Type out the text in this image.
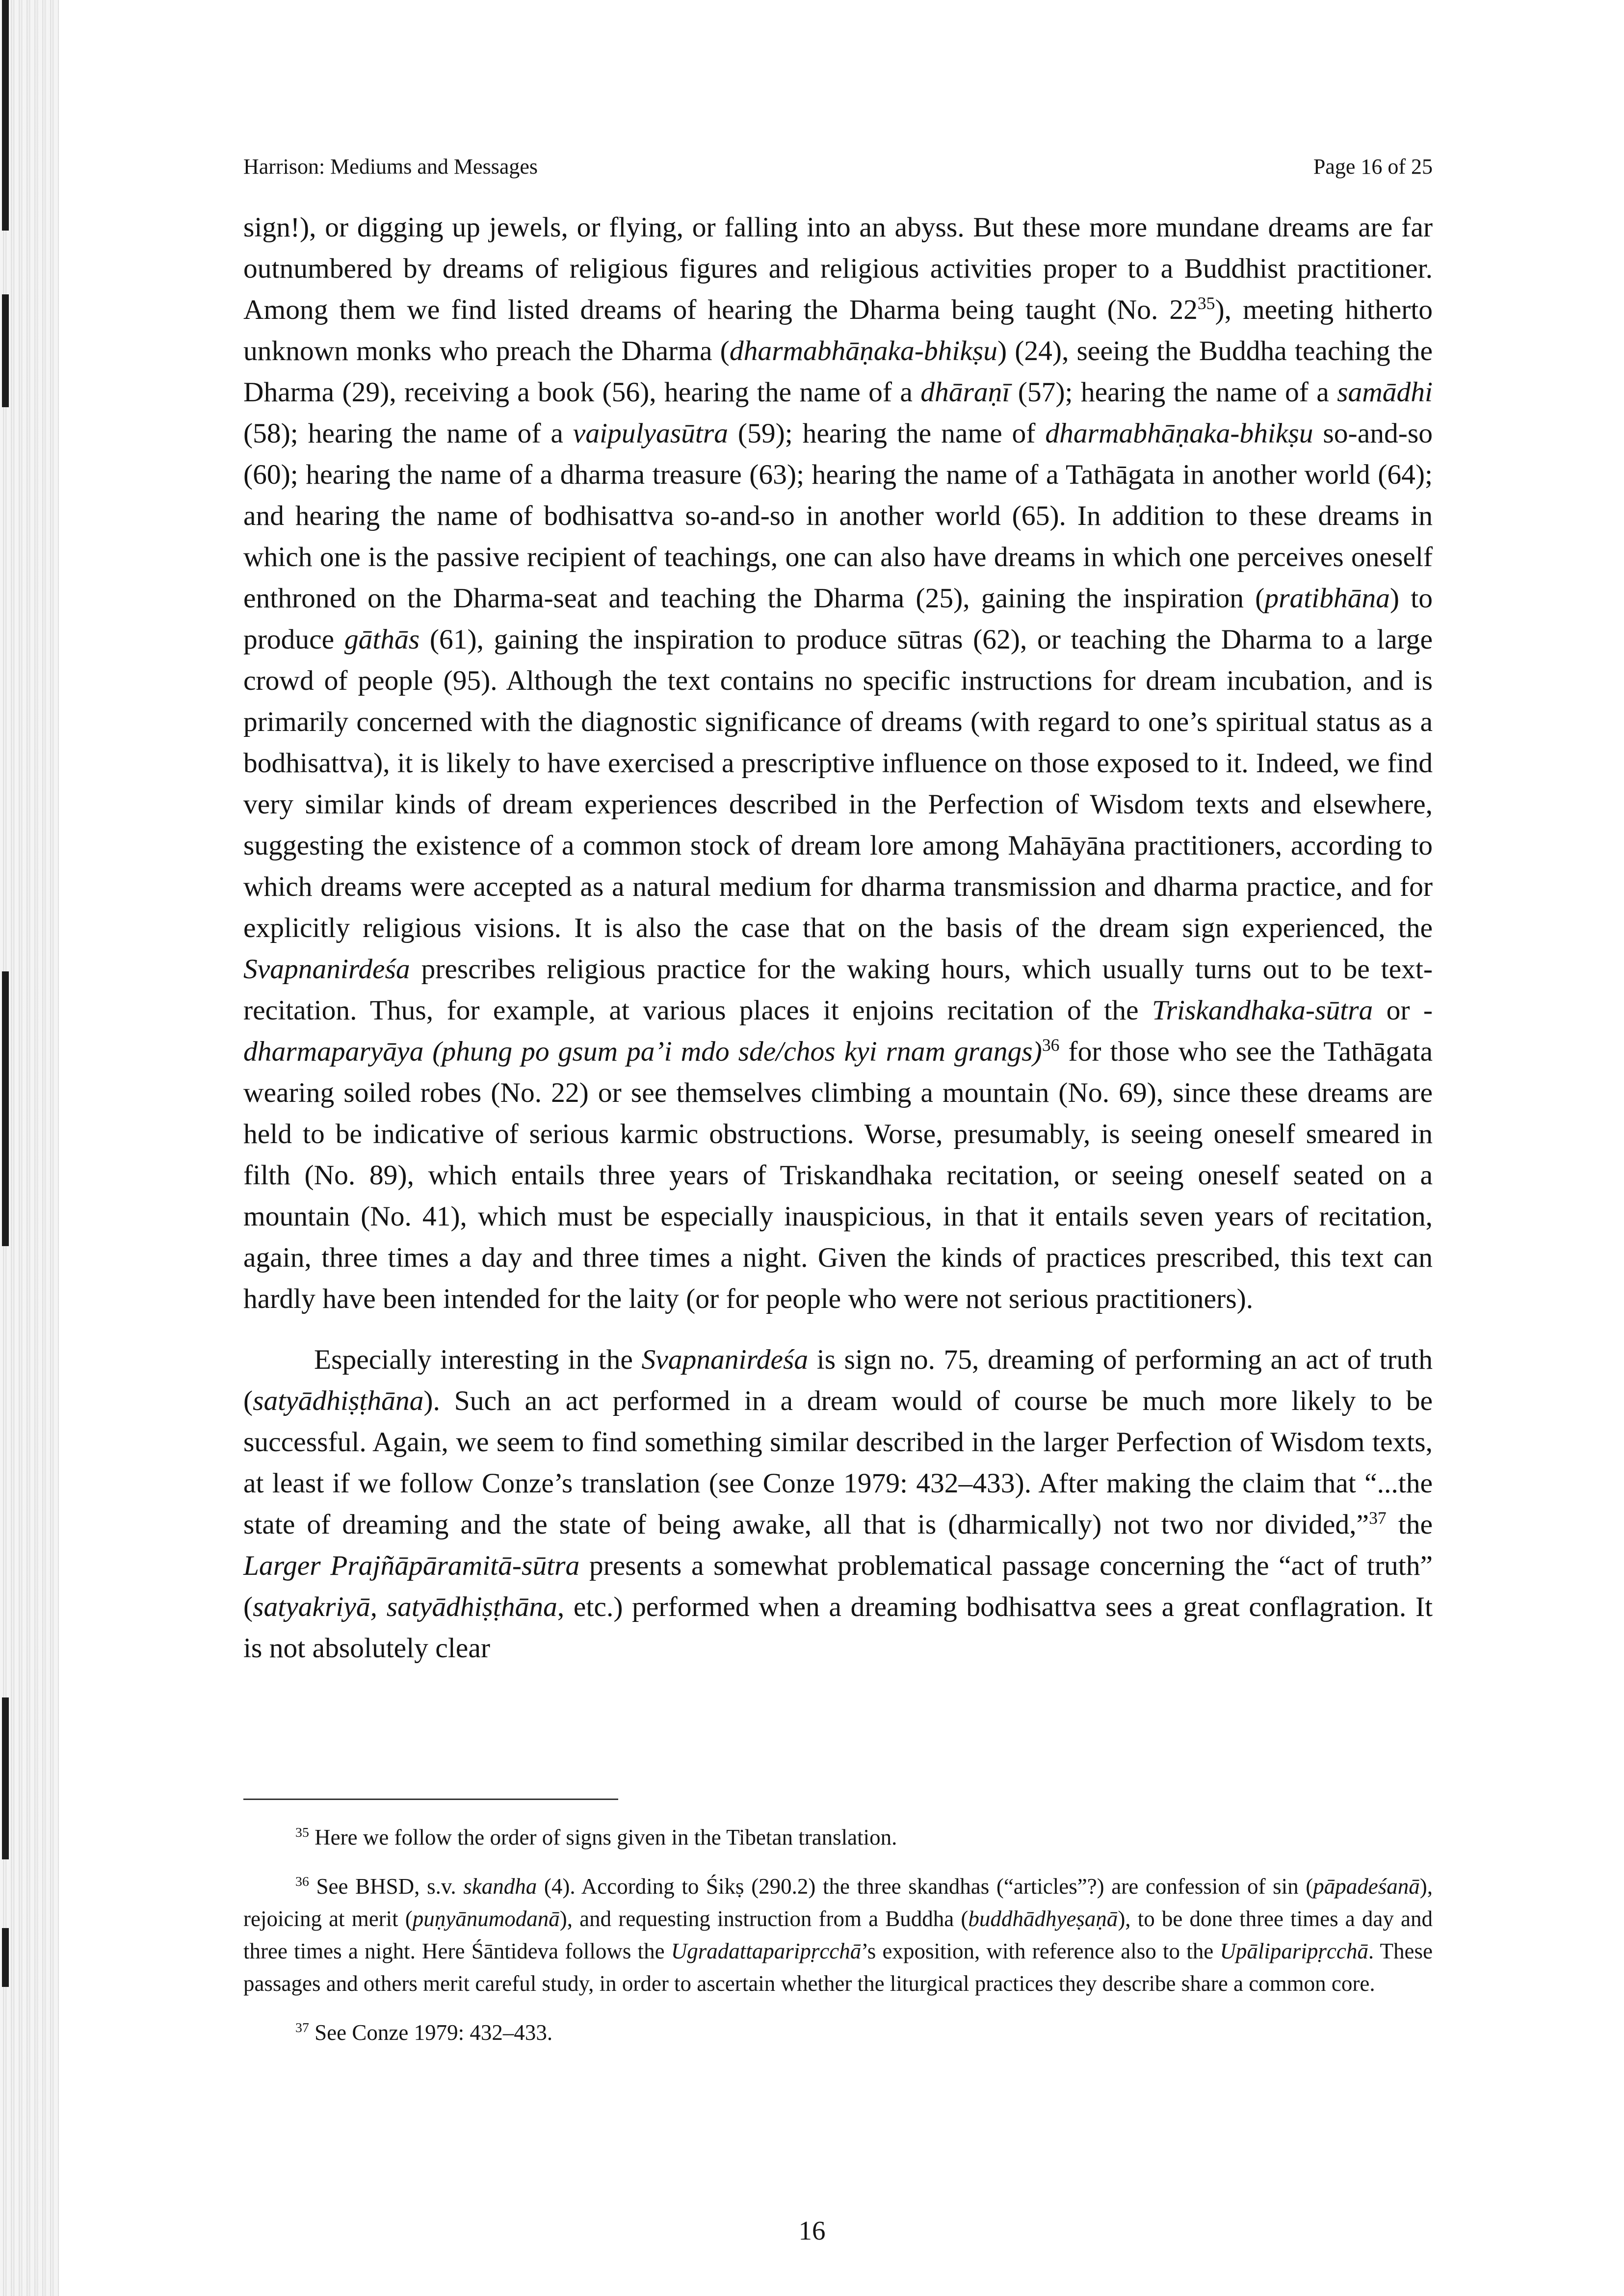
Harrison: Mediums and Messages	Page 16 of 25

sign!), or digging up jewels, or flying, or falling into an abyss. But these more mundane dreams are far outnumbered by dreams of religious figures and religious activities proper to a Buddhist practitioner. Among them we find listed dreams of hearing the Dharma being taught (No. $22^{35}$), meeting hitherto unknown monks who preach the Dharma (dharmabhāṇaka-bhikṣu) (24), seeing the Buddha teaching the Dharma (29), receiving a book (56), hearing the name of a dhāraṇī (57); hearing the name of a samādhi (58); hearing the name of a vaipulyasūtra (59); hearing the name of dharmabhāṇaka-bhikṣu so-and-so (60); hearing the name of a dharma treasure (63); hearing the name of a Tathāgata in another world (64); and hearing the name of bodhisattva so-and-so in another world (65). In addition to these dreams in which one is the passive recipient of teachings, one can also have dreams in which one perceives oneself enthroned on the Dharma-seat and teaching the Dharma (25), gaining the inspiration (pratibhāna) to produce gāthās (61), gaining the inspiration to produce sūtras (62), or teaching the Dharma to a large crowd of people (95). Although the text contains no specific instructions for dream incubation, and is primarily concerned with the diagnostic significance of dreams (with regard to one’s spiritual status as a bodhisattva), it is likely to have exercised a prescriptive influence on those exposed to it. Indeed, we find very similar kinds of dream experiences described in the Perfection of Wisdom texts and elsewhere, suggesting the existence of a common stock of dream lore among Mahāyāna practitioners, according to which dreams were accepted as a natural medium for dharma transmission and dharma practice, and for explicitly religious visions. It is also the case that on the basis of the dream sign experienced, the Svapnanirdeśa prescribes religious practice for the waking hours, which usually turns out to be text-recitation. Thus, for example, at various places it enjoins recitation of the Triskandhaka-sūtra or -dharmaparyāya (phung po gsum pa’i mdo sde/chos kyi rnam grangs)$^{36}$ for those who see the Tathāgata wearing soiled robes (No. 22) or see themselves climbing a mountain (No. 69), since these dreams are held to be indicative of serious karmic obstructions. Worse, presumably, is seeing oneself smeared in filth (No. 89), which entails three years of Triskandhaka recitation, or seeing oneself seated on a mountain (No. 41), which must be especially inauspicious, in that it entails seven years of recitation, again, three times a day and three times a night. Given the kinds of practices prescribed, this text can hardly have been intended for the laity (or for people who were not serious practitioners).

Especially interesting in the Svapnanirdeśa is sign no. 75, dreaming of performing an act of truth (satyādhiṣṭhāna). Such an act performed in a dream would of course be much more likely to be successful. Again, we seem to find something similar described in the larger Perfection of Wisdom texts, at least if we follow Conze’s translation (see Conze 1979: 432–433). After making the claim that “...the state of dreaming and the state of being awake, all that is (dharmically) not two nor divided,”$^{37}$ the Larger Prajñāpāramitā-sūtra presents a somewhat problematical passage concerning the “act of truth” (satyakriyā, satyādhiṣṭhāna, etc.) performed when a dreaming bodhisattva sees a great conflagration. It is not absolutely clear

$^{35}$ Here we follow the order of signs given in the Tibetan translation.

$^{36}$ See BHSD, s.v. skandha (4). According to Śikṣ (290.2) the three skandhas (“articles”?) are confession of sin (pāpadeśanā), rejoicing at merit (puṇyānumodanā), and requesting instruction from a Buddha (buddhādhyeṣaṇā), to be done three times a day and three times a night. Here Śāntideva follows the Ugradattaparipṛcchā’s exposition, with reference also to the Upāliparipṛcchā. These passages and others merit careful study, in order to ascertain whether the liturgical practices they describe share a common core.

$^{37}$ See Conze 1979: 432–433.

16
